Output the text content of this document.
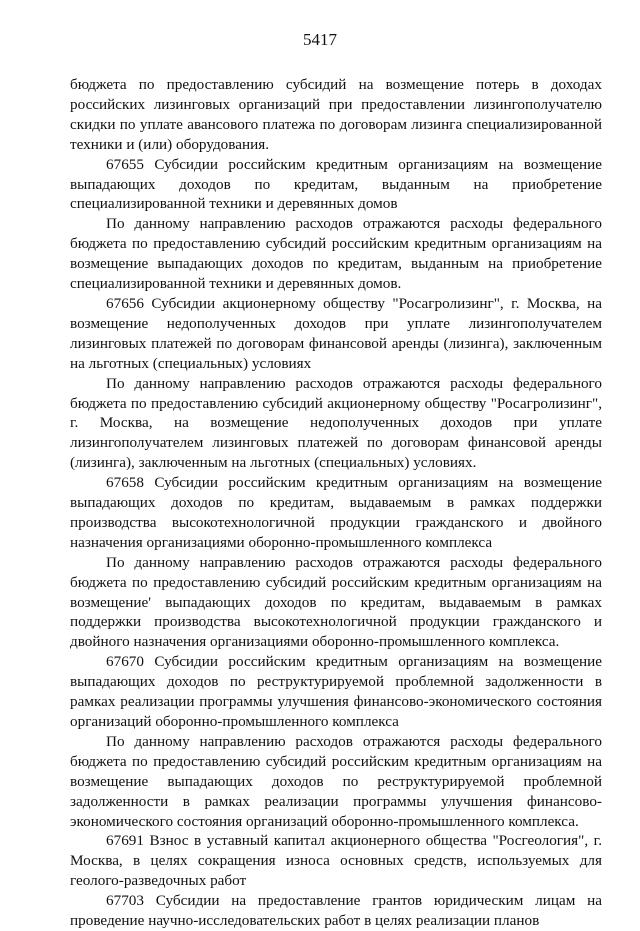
5417

бюджета по предоставлению субсидий на возмещение потерь в доходах российских лизинговых организаций при предоставлении лизингополучателю скидки по уплате авансового платежа по договорам лизинга специализированной техники и (или) оборудования.

67655 Субсидии российским кредитным организациям на возмещение выпадающих доходов по кредитам, выданным на приобретение специализированной техники и деревянных домов

По данному направлению расходов отражаются расходы федерального бюджета по предоставлению субсидий российским кредитным организациям на возмещение выпадающих доходов по кредитам, выданным на приобретение специализированной техники и деревянных домов.

67656 Субсидии акционерному обществу "Росагролизинг", г. Москва, на возмещение недополученных доходов при уплате лизингополучателем лизинговых платежей по договорам финансовой аренды (лизинга), заключенным на льготных (специальных) условиях

По данному направлению расходов отражаются расходы федерального бюджета по предоставлению субсидий акционерному обществу "Росагролизинг", г. Москва, на возмещение недополученных доходов при уплате лизингополучателем лизинговых платежей по договорам финансовой аренды (лизинга), заключенным на льготных (специальных) условиях.

67658 Субсидии российским кредитным организациям на возмещение выпадающих доходов по кредитам, выдаваемым в рамках поддержки производства высокотехнологичной продукции гражданского и двойного назначения организациями оборонно-промышленного комплекса

По данному направлению расходов отражаются расходы федерального бюджета по предоставлению субсидий российским кредитным организациям на возмещение' выпадающих доходов по кредитам, выдаваемым в рамках поддержки производства высокотехнологичной продукции гражданского и двойного назначения организациями оборонно-промышленного комплекса.

67670 Субсидии российским кредитным организациям на возмещение выпадающих доходов по реструктурируемой проблемной задолженности в рамках реализации программы улучшения финансово-экономического состояния организаций оборонно-промышленного комплекса

По данному направлению расходов отражаются расходы федерального бюджета по предоставлению субсидий российским кредитным организациям на возмещение выпадающих доходов по реструктурируемой проблемной задолженности в рамках реализации программы улучшения финансово-экономического состояния организаций оборонно-промышленного комплекса.

67691 Взнос в уставный капитал акционерного общества "Росгеология", г. Москва, в целях сокращения износа основных средств, используемых для геолого-разведочных работ

67703 Субсидии на предоставление грантов юридическим лицам на проведение научно-исследовательских работ в целях реализации планов
